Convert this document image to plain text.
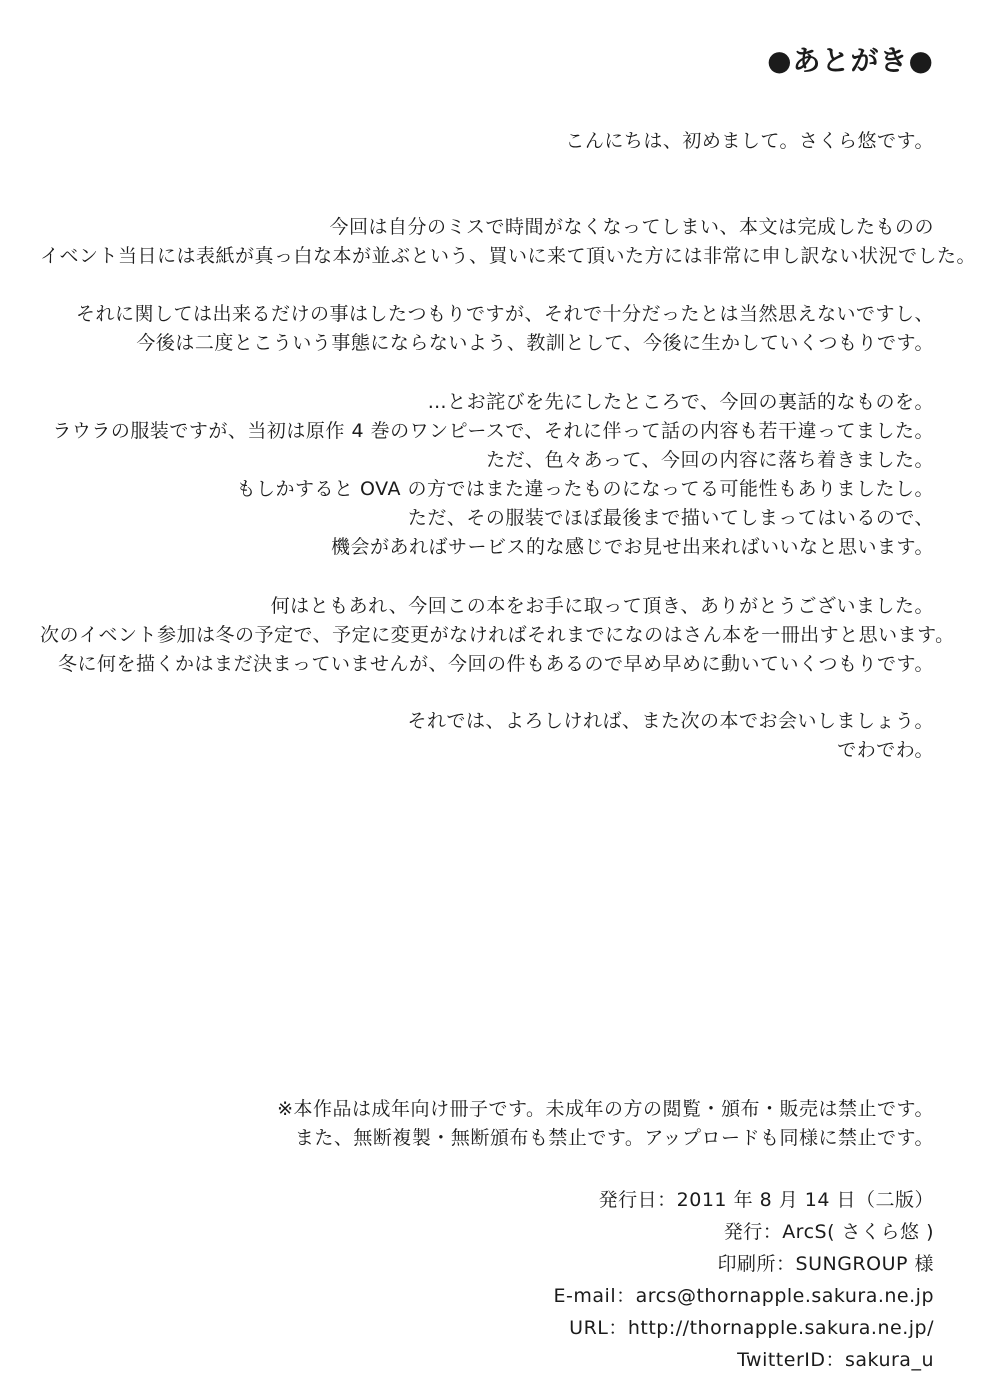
●あとがき●
こんにちは、初めまして。さくら悠です。
今回は自分のミスで時間がなくなってしまい、本文は完成したものの
イベント当日には表紙が真っ白な本が並ぶという、買いに来て頂いた方には非常に申し訳ない状況でした。
それに関しては出来るだけの事はしたつもりですが、それで十分だったとは当然思えないですし、
今後は二度とこういう事態にならないよう、教訓として、今後に生かしていくつもりです。
…とお詫びを先にしたところで、今回の裏話的なものを。
ラウラの服装ですが、当初は原作 4 巻のワンピースで、それに伴って話の内容も若干違ってました。
ただ、色々あって、今回の内容に落ち着きました。
もしかすると OVA の方ではまた違ったものになってる可能性もありましたし。
ただ、その服装でほぼ最後まで描いてしまってはいるので、
機会があればサービス的な感じでお見せ出来ればいいなと思います。
何はともあれ、今回この本をお手に取って頂き、ありがとうございました。
次のイベント参加は冬の予定で、予定に変更がなければそれまでになのはさん本を一冊出すと思います。
冬に何を描くかはまだ決まっていませんが、今回の件もあるので早め早めに動いていくつもりです。
それでは、よろしければ、また次の本でお会いしましょう。
でわでわ。
※本作品は成年向け冊子です。未成年の方の閲覧・頒布・販売は禁止です。
また、無断複製・無断頒布も禁止です。アップロードも同様に禁止です。
発行日：2011 年 8 月 14 日（二版）
発行：ArcS( さくら悠 )
印刷所：SUNGROUP 様
E-mail：arcs@thornapple.sakura.ne.jp
URL：http://thornapple.sakura.ne.jp/
TwitterID：sakura_u
